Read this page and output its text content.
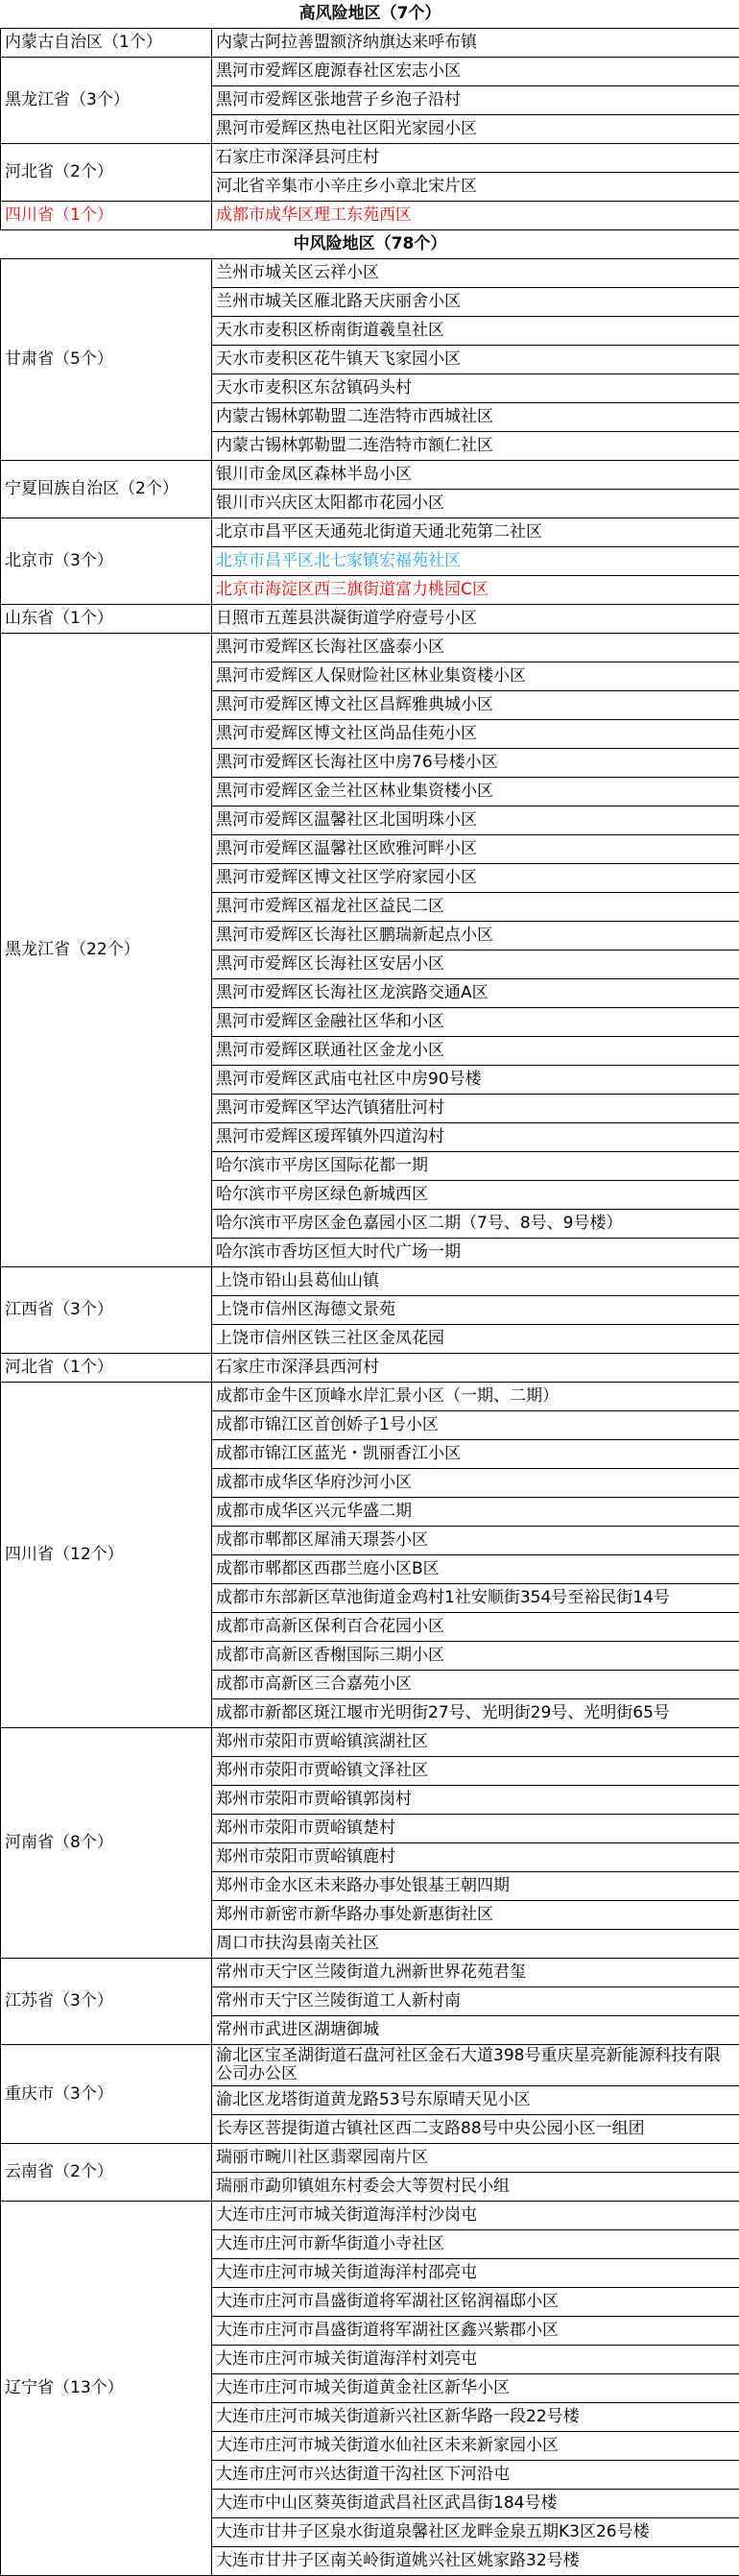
高风险地区（7个）	
内蒙古自治区（1个）	内蒙古阿拉善盟额济纳旗达来呼布镇
黑龙江省（3个）	黑河市爱辉区鹿源春社区宏志小区
	黑河市爱辉区张地营子乡泡子沿村
	黑河市爱辉区热电社区阳光家园小区
河北省（2个）	石家庄市深泽县河庄村
	河北省辛集市小辛庄乡小章北宋片区
四川省（1个）	成都市成华区理工东苑西区
中风险地区（78个）	
甘肃省（5个）	兰州市城关区云祥小区
	兰州市城关区雁北路天庆丽舍小区
	天水市麦积区桥南街道羲皇社区
	天水市麦积区花牛镇天飞家园小区
	天水市麦积区东岔镇码头村
	内蒙古锡林郭勒盟二连浩特市西城社区
	内蒙古锡林郭勒盟二连浩特市额仁社区
宁夏回族自治区（2个）	银川市金凤区森林半岛小区
	银川市兴庆区太阳都市花园小区
北京市（3个）	北京市昌平区天通苑北街道天通北苑第二社区
	北京市昌平区北七家镇宏福苑社区
	北京市海淀区西三旗街道富力桃园C区
山东省（1个）	日照市五莲县洪凝街道学府壹号小区
黑龙江省（22个）	黑河市爱辉区长海社区盛泰小区
	黑河市爱辉区人保财险社区林业集资楼小区
	黑河市爱辉区博文社区昌辉雅典城小区
	黑河市爱辉区博文社区尚品佳苑小区
	黑河市爱辉区长海社区中房76号楼小区
	黑河市爱辉区金兰社区林业集资楼小区
	黑河市爱辉区温馨社区北国明珠小区
	黑河市爱辉区温馨社区欧雅河畔小区
	黑河市爱辉区博文社区学府家园小区
	黑河市爱辉区福龙社区益民二区
	黑河市爱辉区长海社区鹏瑞新起点小区
	黑河市爱辉区长海社区安居小区
	黑河市爱辉区长海社区龙滨路交通A区
	黑河市爱辉区金融社区华和小区
	黑河市爱辉区联通社区金龙小区
	黑河市爱辉区武庙屯社区中房90号楼
	黑河市爱辉区罕达汽镇猪肚河村
	黑河市爱辉区瑷珲镇外四道沟村
	哈尔滨市平房区国际花都一期
	哈尔滨市平房区绿色新城西区
	哈尔滨市平房区金色嘉园小区二期（7号、8号、9号楼）
	哈尔滨市香坊区恒大时代广场一期
江西省（3个）	上饶市铅山县葛仙山镇
	上饶市信州区海德文景苑
	上饶市信州区铁三社区金凤花园
河北省（1个）	石家庄市深泽县西河村
四川省（12个）	成都市金牛区顶峰水岸汇景小区（一期、二期）
	成都市锦江区首创娇子1号小区
	成都市锦江区蓝光・凯丽香江小区
	成都市成华区华府沙河小区
	成都市成华区兴元华盛二期
	成都市郫都区犀浦天璟荟小区
	成都市郫都区西郡兰庭小区B区
	成都市东部新区草池街道金鸡村1社安顺街354号至裕民街14号
	成都市高新区保利百合花园小区
	成都市高新区香榭国际三期小区
	成都市高新区三合嘉苑小区
	成都市新都区斑江堰市光明街27号、光明街29号、光明街65号
河南省（8个）	郑州市荥阳市贾峪镇滨湖社区
	郑州市荥阳市贾峪镇文泽社区
	郑州市荥阳市贾峪镇郭岗村
	郑州市荥阳市贾峪镇楚村
	郑州市荥阳市贾峪镇鹿村
	郑州市金水区未来路办事处银基王朝四期
	郑州市新密市新华路办事处新惠街社区
	周口市扶沟县南关社区
江苏省（3个）	常州市天宁区兰陵街道九洲新世界花苑君玺
	常州市天宁区兰陵街道工人新村南
	常州市武进区湖塘御城
重庆市（3个）	渝北区宝圣湖街道石盘河社区金石大道398号重庆星亮新能源科技有限公司办公区
	渝北区龙塔街道黄龙路53号东原晴天见小区
	长寿区菩提街道古镇社区西二支路88号中央公园小区一组团
云南省（2个）	瑞丽市畹川社区翡翠园南片区
	瑞丽市勐卯镇姐东村委会大等贺村民小组
辽宁省（13个）	大连市庄河市城关街道海洋村沙岗屯
	大连市庄河市新华街道小寺社区
	大连市庄河市城关街道海洋村邵亮屯
	大连市庄河市昌盛街道将军湖社区铭润福邸小区
	大连市庄河市昌盛街道将军湖社区鑫兴紫郡小区
	大连市庄河市城关街道海洋村刘亮屯
	大连市庄河市城关街道黄金社区新华小区
	大连市庄河市城关街道新兴社区新华路一段22号楼
	大连市庄河市城关街道水仙社区未来新家园小区
	大连市庄河市兴达街道干沟社区下河沿屯
	大连市中山区葵英街道武昌社区武昌街184号楼
	大连市甘井子区泉水街道泉馨社区龙畔金泉五期K3区26号楼
	大连市甘井子区南关岭街道姚兴社区姚家路32号楼
